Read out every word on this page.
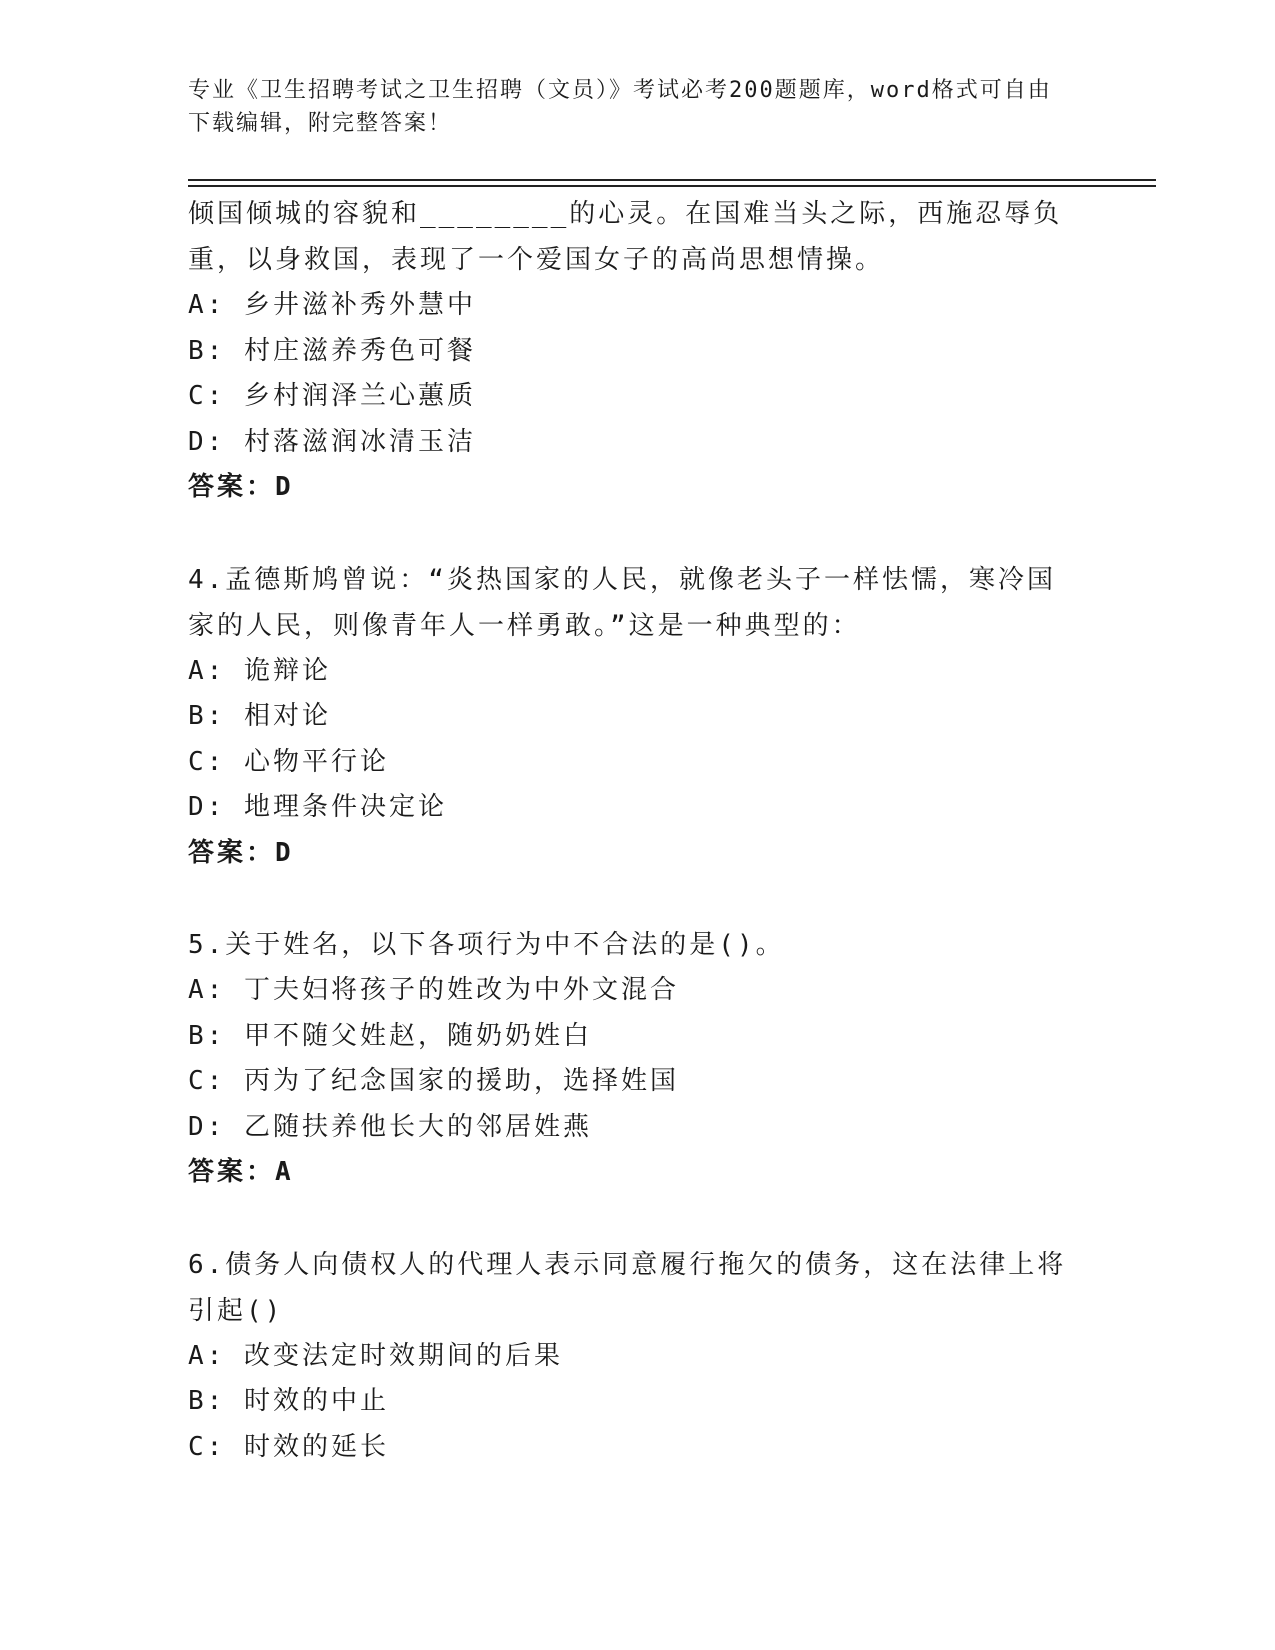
专业《卫生招聘考试之卫生招聘（文员）》考试必考200题题库，word格式可自由下载编辑，附完整答案！

倾国倾城的容貌和________的心灵。在国难当头之际，西施忍辱负重，以身救国，表现了一个爱国女子的高尚思想情操。

A: 乡井滋补秀外慧中

B: 村庄滋养秀色可餐

C: 乡村润泽兰心蕙质

D: 村落滋润冰清玉洁

答案：D

4.孟德斯鸠曾说：“炎热国家的人民，就像老头子一样怯懦，寒冷国家的人民，则像青年人一样勇敢。”这是一种典型的：

A: 诡辩论

B: 相对论

C: 心物平行论

D: 地理条件决定论

答案：D

5.关于姓名，以下各项行为中不合法的是()。

A: 丁夫妇将孩子的姓改为中外文混合

B: 甲不随父姓赵，随奶奶姓白

C: 丙为了纪念国家的援助，选择姓国

D: 乙随扶养他长大的邻居姓燕

答案：A

6.债务人向债权人的代理人表示同意履行拖欠的债务，这在法律上将引起()

A: 改变法定时效期间的后果

B: 时效的中止

C: 时效的延长
